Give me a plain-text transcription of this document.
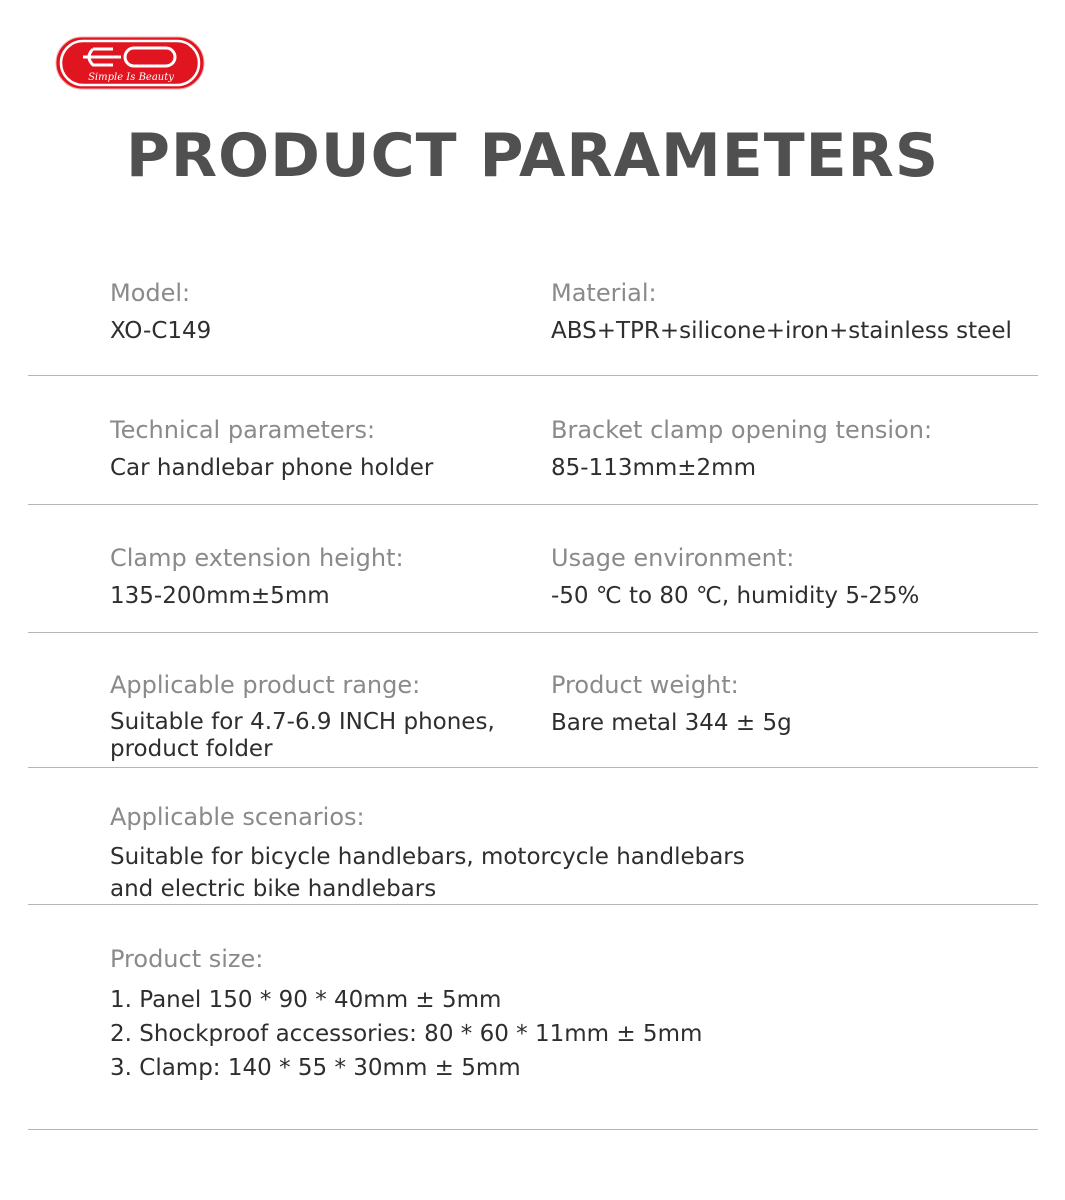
Simple Is Beauty
PRODUCT PARAMETERS
Model:
XO-C149
Material:
ABS+TPR+silicone+iron+stainless steel
Technical parameters:
Car handlebar phone holder
Bracket clamp opening tension:
85-113mm±2mm
Clamp extension height:
135-200mm±5mm
Usage environment:
-50 ℃ to 80 ℃, humidity 5-25%
Applicable product range:
Suitable for 4.7-6.9 INCH phones,
product folder
Product weight:
Bare metal 344 ± 5g
Applicable scenarios:
Suitable for bicycle handlebars, motorcycle handlebars
and electric bike handlebars
Product size:
1. Panel 150 * 90 * 40mm ± 5mm
2. Shockproof accessories: 80 * 60 * 11mm ± 5mm
3. Clamp: 140 * 55 * 30mm ± 5mm
